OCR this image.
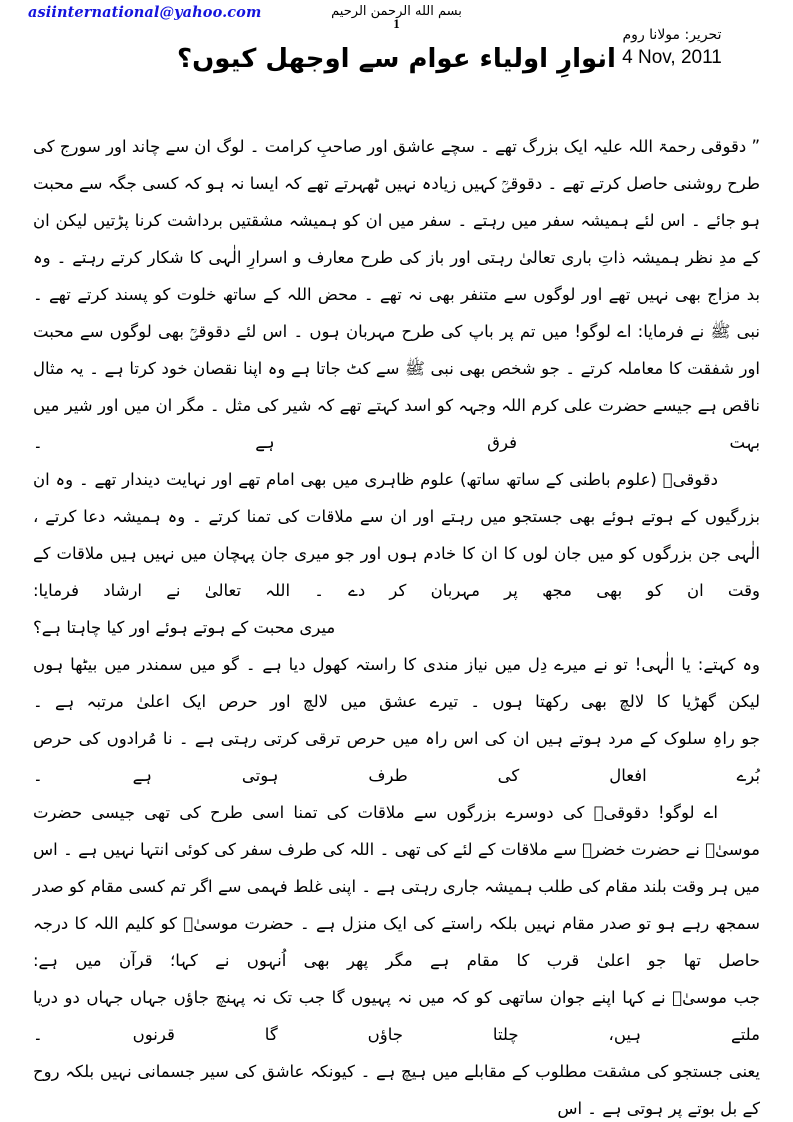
asiinternational@yahoo.com	بسم الله الرحمن الرحيم
1
تحریر: مولانا روم
4 Nov, 2011
انوارِ اولیاء عوام سے اوجھل کیوں؟

” دقوقی رحمۃ اللہ علیہ ایک بزرگ تھے ۔ سچے عاشق اور صاحبِ کرامت ۔ لوگ ان سے چاند اور سورج کی طرح روشنی حاصل کرتے تھے ۔ دقوقیؒ کہیں زیادہ نہیں ٹھہرتے تھے کہ ایسا نہ ہو کہ کسی جگہ سے محبت ہو جائے ۔ اس لئے ہمیشہ سفر میں رہتے ۔ سفر میں ان کو ہمیشہ مشقتیں برداشت کرنا پڑتیں لیکن ان کے مدِ نظر ہمیشہ ذاتِ باری تعالیٰ رہتی اور باز کی طرح معارف و اسرارِ الٰہی کا شکار کرتے رہتے ۔ وہ بد مزاج بھی نہیں تھے اور لوگوں سے متنفر بھی نہ تھے ۔ محض اللہ کے ساتھ خلوت کو پسند کرتے تھے ۔ نبی ﷺ نے فرمایا: اے لوگو! میں تم پر باپ کی طرح مہربان ہوں ۔ اس لئے دقوقیؒ بھی لوگوں سے محبت اور شفقت کا معاملہ کرتے ۔ جو شخص بھی نبی ﷺ سے کٹ جاتا ہے وہ اپنا نقصان خود کرتا ہے ۔ یہ مثال ناقص ہے جیسے حضرت علی کرم اللہ وجہہ کو اسد کہتے تھے کہ شیر کی مثل ۔ مگر ان میں اور شیر میں بہت فرق ہے ۔

دقوقیؒ (علوم باطنی کے ساتھ ساتھ) علوم ظاہری میں بھی امام تھے اور نہایت دیندار تھے ۔ وہ ان بزرگیوں کے ہوتے ہوئے بھی جستجو میں رہتے اور ان سے ملاقات کی تمنا کرتے ۔ وہ ہمیشہ دعا کرتے ، الٰہی جن بزرگوں کو میں جان لوں کا ان کا خادم ہوں اور جو میری جان پہچان میں نہیں ہیں ملاقات کے وقت ان کو بھی مجھ پر مہربان کر دے ۔ اللہ تعالیٰ نے ارشاد فرمایا:

میری محبت کے ہوتے ہوئے اور کیا چاہتا ہے؟

وہ کہتے: یا الٰہی! تو نے میرے دِل میں نیاز مندی کا راستہ کھول دیا ہے ۔ گو میں سمندر میں بیٹھا ہوں لیکن گھڑیا کا لالچ بھی رکھتا ہوں ۔ تیرے عشق میں لالچ اور حرص ایک اعلیٰ مرتبہ ہے ۔

جو راہِ سلوک کے مرد ہوتے ہیں ان کی اس راہ میں حرص ترقی کرتی رہتی ہے ۔ نا مُرادوں کی حرص بُرے افعال کی طرف ہوتی ہے ۔

اے لوگو! دقوقیؒ کی دوسرے بزرگوں سے ملاقات کی تمنا اسی طرح کی تھی جیسی حضرت موسیٰؑ نے حضرت خضرؑ سے ملاقات کے لئے کی تھی ۔ اللہ کی طرف سفر کی کوئی انتہا نہیں ہے ۔ اس میں ہر وقت بلند مقام کی طلب ہمیشہ جاری رہتی ہے ۔ اپنی غلط فہمی سے اگر تم کسی مقام کو صدر سمجھ رہے ہو تو صدر مقام نہیں بلکہ راستے کی ایک منزل ہے ۔ حضرت موسیٰؑ کو کلیم اللہ کا درجہ حاصل تھا جو اعلیٰ قرب کا مقام ہے مگر پھر بھی اُنہوں نے کہا؛ قرآن میں ہے:

جب موسیٰؑ نے کہا اپنے جوان ساتھی کو کہ میں نہ پہیوں گا جب تک نہ پہنچ جاؤں جہاں جہاں دو دریا ملتے ہیں، چلتا جاؤں گا قرنوں ۔

یعنی جستجو کی مشقت مطلوب کے مقابلے میں ہیچ ہے ۔ کیونکہ عاشق کی سیر جسمانی نہیں بلکہ روح کے بل بوتے پر ہوتی ہے ۔ اس
